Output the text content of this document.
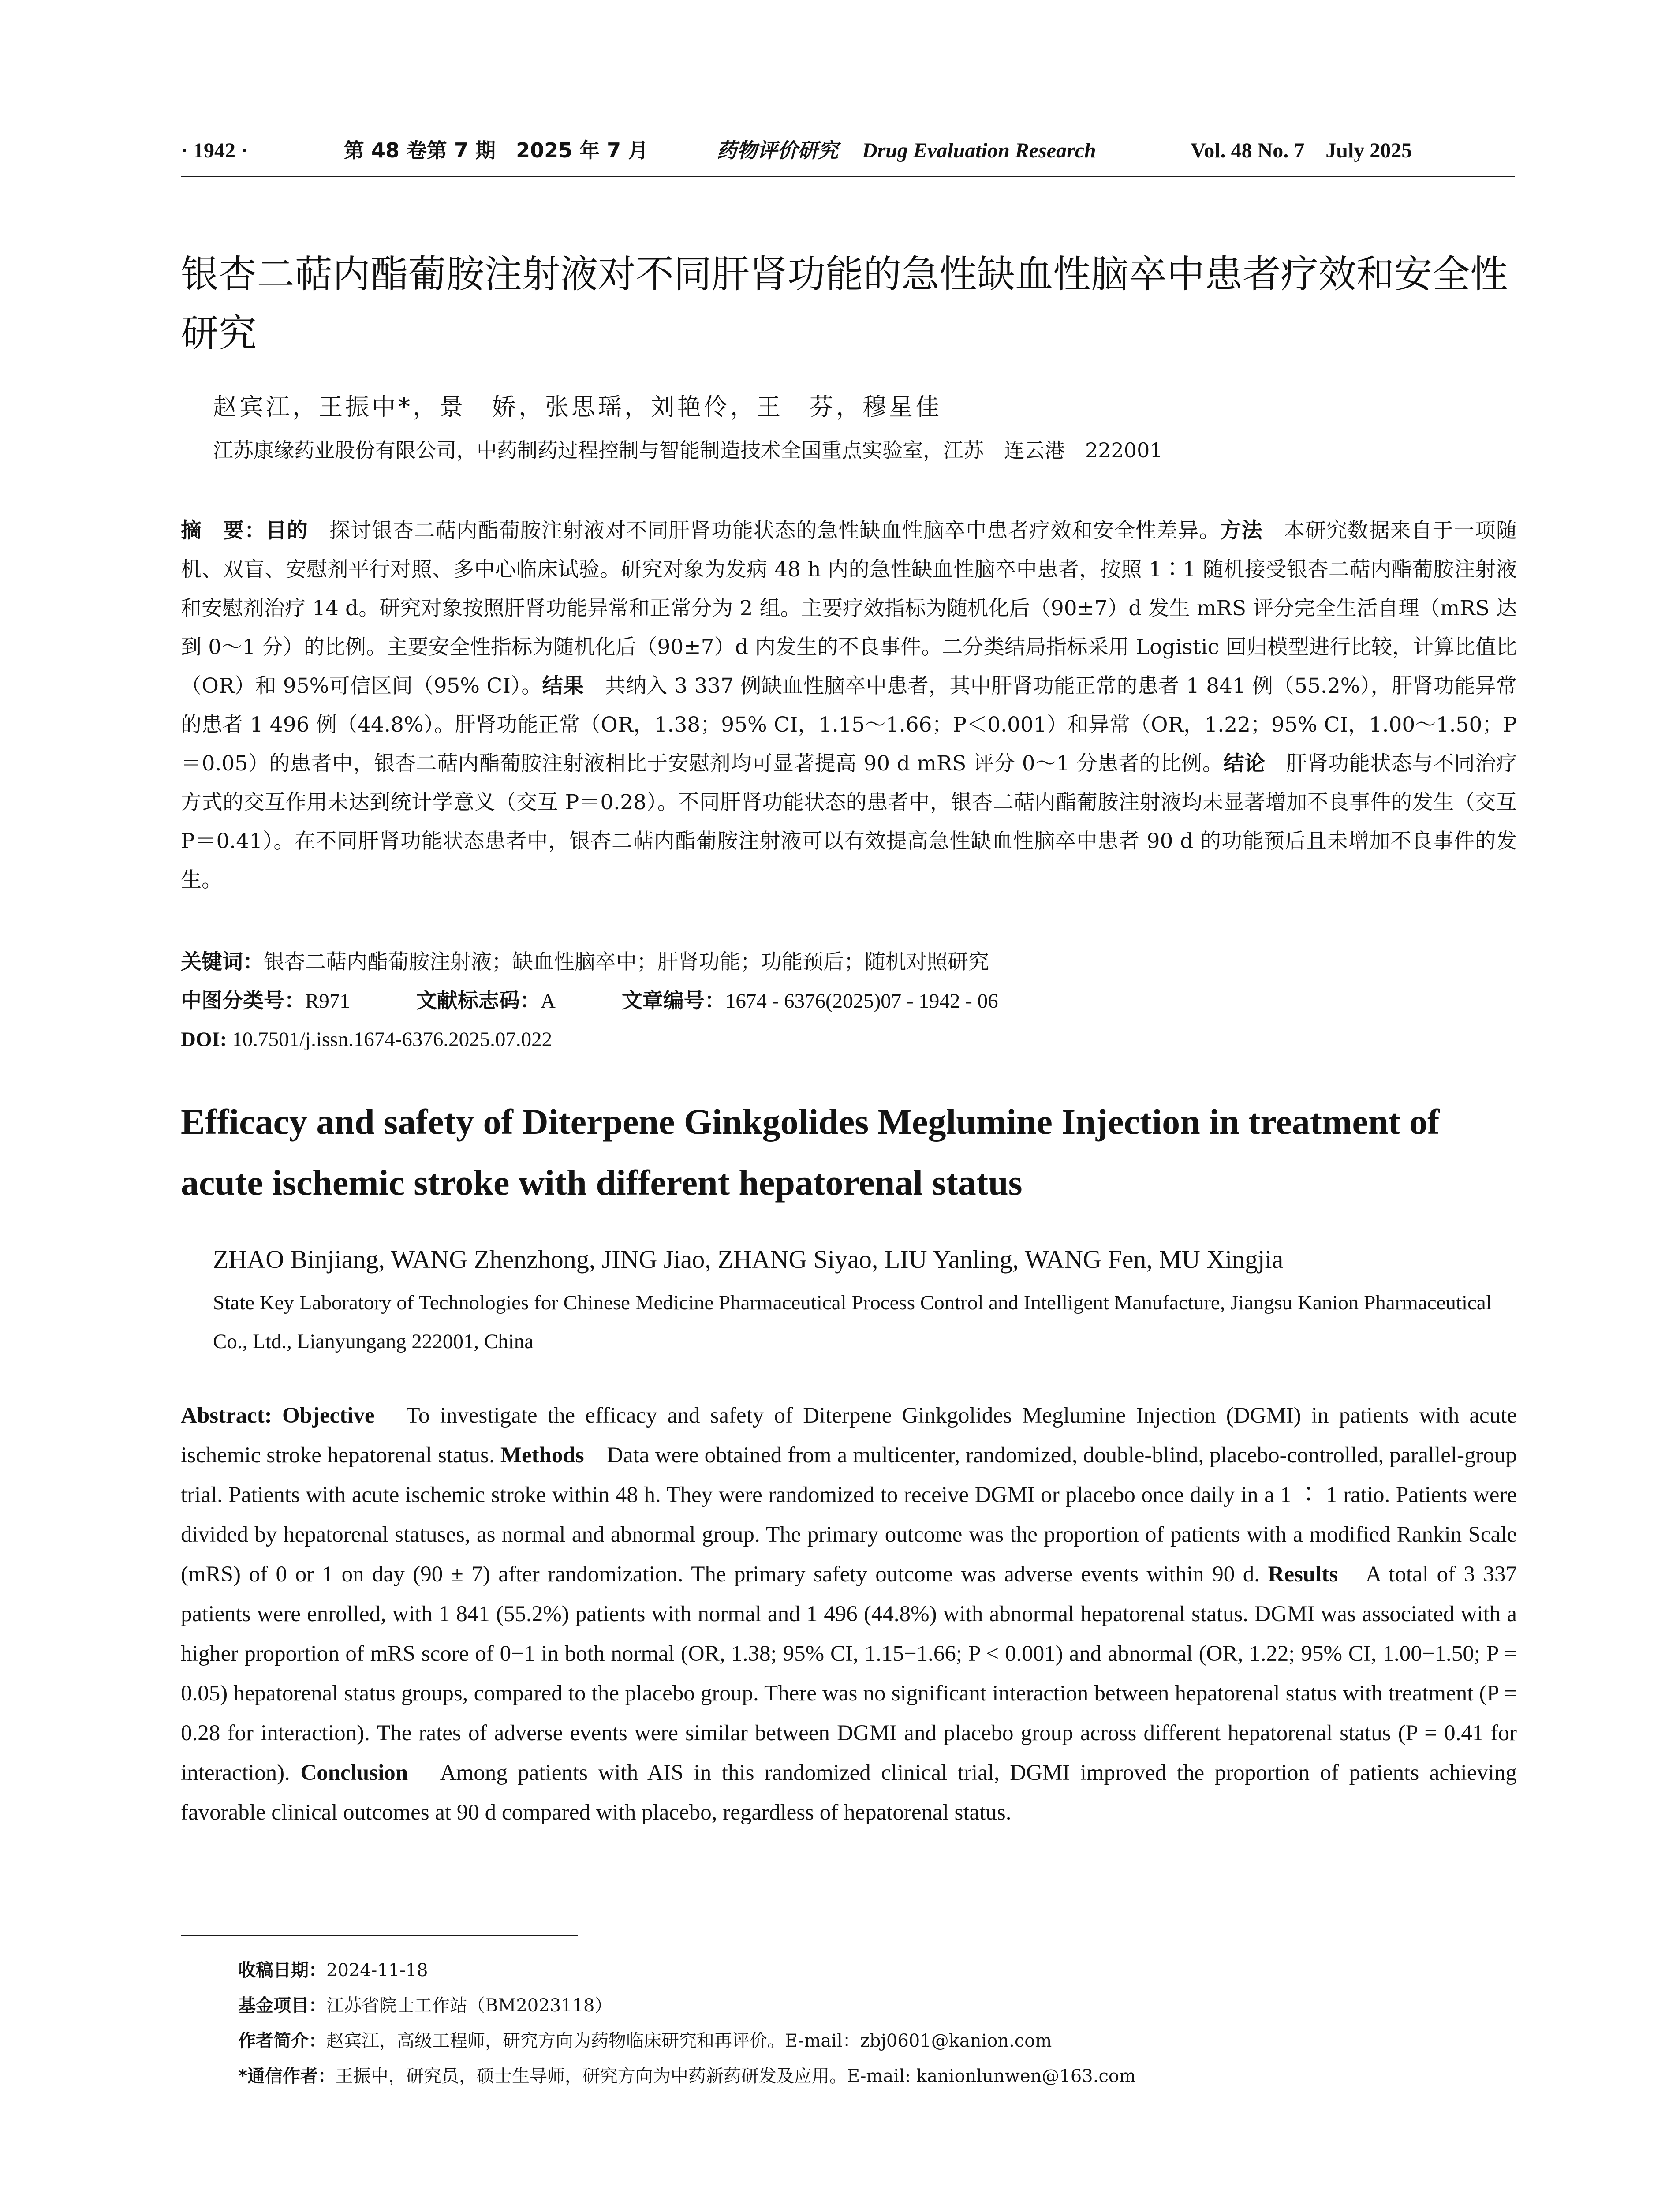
· 1942 ·	第 48 卷第 7 期　2025 年 7 月	药物评价研究 Drug Evaluation Research	Vol. 48 No. 7　July 2025
银杏二萜内酯葡胺注射液对不同肝肾功能的急性缺血性脑卒中患者疗效和安全性研究
赵宾江，王振中*，景　娇，张思瑶，刘艳伶，王　芬，穆星佳
江苏康缘药业股份有限公司，中药制药过程控制与智能制造技术全国重点实验室，江苏　连云港　222001
摘　要：目的　探讨银杏二萜内酯葡胺注射液对不同肝肾功能状态的急性缺血性脑卒中患者疗效和安全性差异。方法　本研究数据来自于一项随机、双盲、安慰剂平行对照、多中心临床试验。研究对象为发病 48 h 内的急性缺血性脑卒中患者，按照 1∶1 随机接受银杏二萜内酯葡胺注射液和安慰剂治疗 14 d。研究对象按照肝肾功能异常和正常分为 2 组。主要疗效指标为随机化后（90±7）d 发生 mRS 评分完全生活自理（mRS 达到 0～1 分）的比例。主要安全性指标为随机化后（90±7）d 内发生的不良事件。二分类结局指标采用 Logistic 回归模型进行比较，计算比值比（OR）和 95%可信区间（95% CI）。结果　共纳入 3 337 例缺血性脑卒中患者，其中肝肾功能正常的患者 1 841 例（55.2%），肝肾功能异常的患者 1 496 例（44.8%）。肝肾功能正常（OR，1.38；95% CI，1.15～1.66；P＜0.001）和异常（OR，1.22；95% CI，1.00～1.50；P＝0.05）的患者中，银杏二萜内酯葡胺注射液相比于安慰剂均可显著提高 90 d mRS 评分 0～1 分患者的比例。结论　肝肾功能状态与不同治疗方式的交互作用未达到统计学意义（交互 P＝0.28）。不同肝肾功能状态的患者中，银杏二萜内酯葡胺注射液均未显著增加不良事件的发生（交互 P＝0.41）。在不同肝肾功能状态患者中，银杏二萜内酯葡胺注射液可以有效提高急性缺血性脑卒中患者 90 d 的功能预后且未增加不良事件的发生。
关键词：银杏二萜内酯葡胺注射液；缺血性脑卒中；肝肾功能；功能预后；随机对照研究
中图分类号：R971	文献标志码：A	文章编号：1674 - 6376(2025)07 - 1942 - 06
DOI: 10.7501/j.issn.1674-6376.2025.07.022
Efficacy and safety of Diterpene Ginkgolides Meglumine Injection in treatment of acute ischemic stroke with different hepatorenal status
ZHAO Binjiang, WANG Zhenzhong, JING Jiao, ZHANG Siyao, LIU Yanling, WANG Fen, MU Xingjia
State Key Laboratory of Technologies for Chinese Medicine Pharmaceutical Process Control and Intelligent Manufacture, Jiangsu Kanion Pharmaceutical Co., Ltd., Lianyungang 222001, China
Abstract: Objective　To investigate the efficacy and safety of Diterpene Ginkgolides Meglumine Injection (DGMI) in patients with acute ischemic stroke hepatorenal status. Methods　Data were obtained from a multicenter, randomized, double-blind, placebo-controlled, parallel-group trial. Patients with acute ischemic stroke within 48 h. They were randomized to receive DGMI or placebo once daily in a 1 ∶ 1 ratio. Patients were divided by hepatorenal statuses, as normal and abnormal group. The primary outcome was the proportion of patients with a modified Rankin Scale (mRS) of 0 or 1 on day (90 ± 7) after randomization. The primary safety outcome was adverse events within 90 d. Results　A total of 3 337 patients were enrolled, with 1 841 (55.2%) patients with normal and 1 496 (44.8%) with abnormal hepatorenal status. DGMI was associated with a higher proportion of mRS score of 0−1 in both normal (OR, 1.38; 95% CI, 1.15−1.66; P < 0.001) and abnormal (OR, 1.22; 95% CI, 1.00−1.50; P = 0.05) hepatorenal status groups, compared to the placebo group. There was no significant interaction between hepatorenal status with treatment (P = 0.28 for interaction). The rates of adverse events were similar between DGMI and placebo group across different hepatorenal status (P = 0.41 for interaction). Conclusion　Among patients with AIS in this randomized clinical trial, DGMI improved the proportion of patients achieving favorable clinical outcomes at 90 d compared with placebo, regardless of hepatorenal status.
收稿日期：2024-11-18
基金项目：江苏省院士工作站（BM2023118）
作者简介：赵宾江，高级工程师，研究方向为药物临床研究和再评价。E-mail：zbj0601@kanion.com
*通信作者：王振中，研究员，硕士生导师，研究方向为中药新药研发及应用。E-mail: kanionlunwen@163.com
